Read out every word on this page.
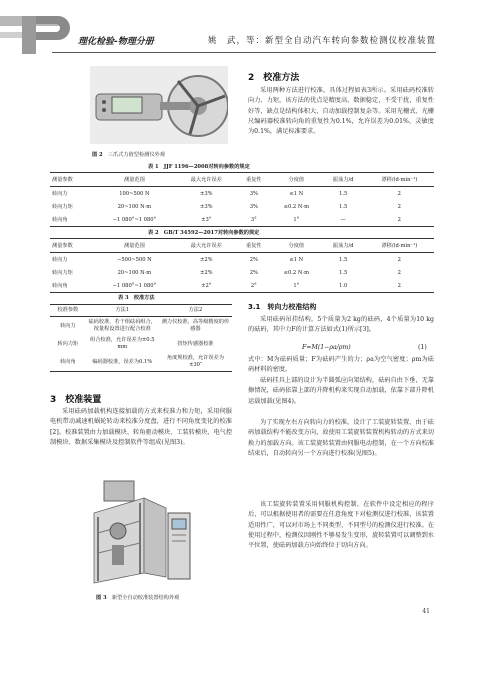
理化检验-物理分册	姚　武，等：新型全自动汽车转向参数检测仪校准装置
图 2　 三爪式力值型检测仪外观
2　校准方法
采用两种方法进行校准，具体过程如表3所示。采用砝码校准转向力、力矩，该方法的优点是精度高、数据稳定，不受干扰，重复性好等，缺点是结构体积大，自动加载控制复杂等。采用光栅式、光栅尺编码器校准转向角的重复性为0.1%，允许误差为0.01%，灵敏度为0.1%，满足标准要求。
表 1　JJF 1196—2008对转向参数的规定
测量参数	测量范围	最大允许误差	重复性	分度值	振荡力/d	漂移/(d·min⁻¹)
转向力	100~500 N	±3%	3%	≤1 N	1.5	2
转向力矩	20~100 N·m	±3%	3%	≤0.2 N·m	1.5	2
转向角	−1 080°~1 080°	±3°	3°	1°	—	2
表 2　GB/T 34592—2017对转向参数的规定
测量参数	测量范围	最大允许误差	重复性	分度值	振荡力/d	漂移/(d·min⁻¹)
转向力	−500~500 N	±2%	2%	≤1 N	1.5	2
转向力矩	20~100 N·m	±2%	2%	≤0.2 N·m	1.5	2
转向角	−1 080°~1 080°	±2°	2°	1°	1.0	2
表 3　校准方法
校准参数	方法1	方法2
转向力	砝码校准，若干组砝码组合，按量程设置进行配合校准	测力仪校准，高等级精度的传感器
转向力矩	组合校准，允许误差为±0.5 mm	扭矩传感器校准
转向角	编码器校准，误差为0.1%	角度规校准，允许误差为±30″
3　校准装置
采用砝码加载机构连接加载的方式来校准力和力矩，采用伺服电机带动减速机蜗轮转动来校准分度盘，进行不同角度变化的校准[2]。校准装置由力加载模块、转角驱动模块、工装转模块、电气控制模块、数据采集模块及控制软件等组成(见图3)。
图 3　 新型全自动校准装置结构外观
3.1　转向力校准结构
采用砝码吊挂结构，5个质量为2 kg的砝码，4个质量为10 kg的砝码，其中力F的计算方法如式(1)所示[3]。
F=M(1−ρa/ρm)	(1)
式中：M为砝码质量；F为砝码产生的力；ρa为空气密度；ρm为砝码材料的密度。
砝码挂具上部的设计为半圆弧应向架结构，砝码自由下垂，无靠擦情况，砝码依靠上部的升降机构来实现自动加载，依靠下部升降机运载加载(见图4)。
为了实现左右方向转向力的校准，设计了工装旋转装置，由于砝码加载结构不能改变方向，故使用工装旋转装置机构转动的方式来切换力的加载方向。该工装旋转装置由伺服电动控制，在一个方向校准结束后，自动转向另一个方向进行校准(见图5)。
该工装旋转装置采用伺服机构控制，在软件中设定相应的程序后，可以根据使用者的需要在任意角度下对检测仪进行校准，该装置适用性广，可以对市场上不同类型、不同型号的检测仪进行校准。在使用过程中，检测仪因刚性不够易发生变形，旋转装置可以调整到水平位置，使砝码加载方向始终位于切向方向。
41
